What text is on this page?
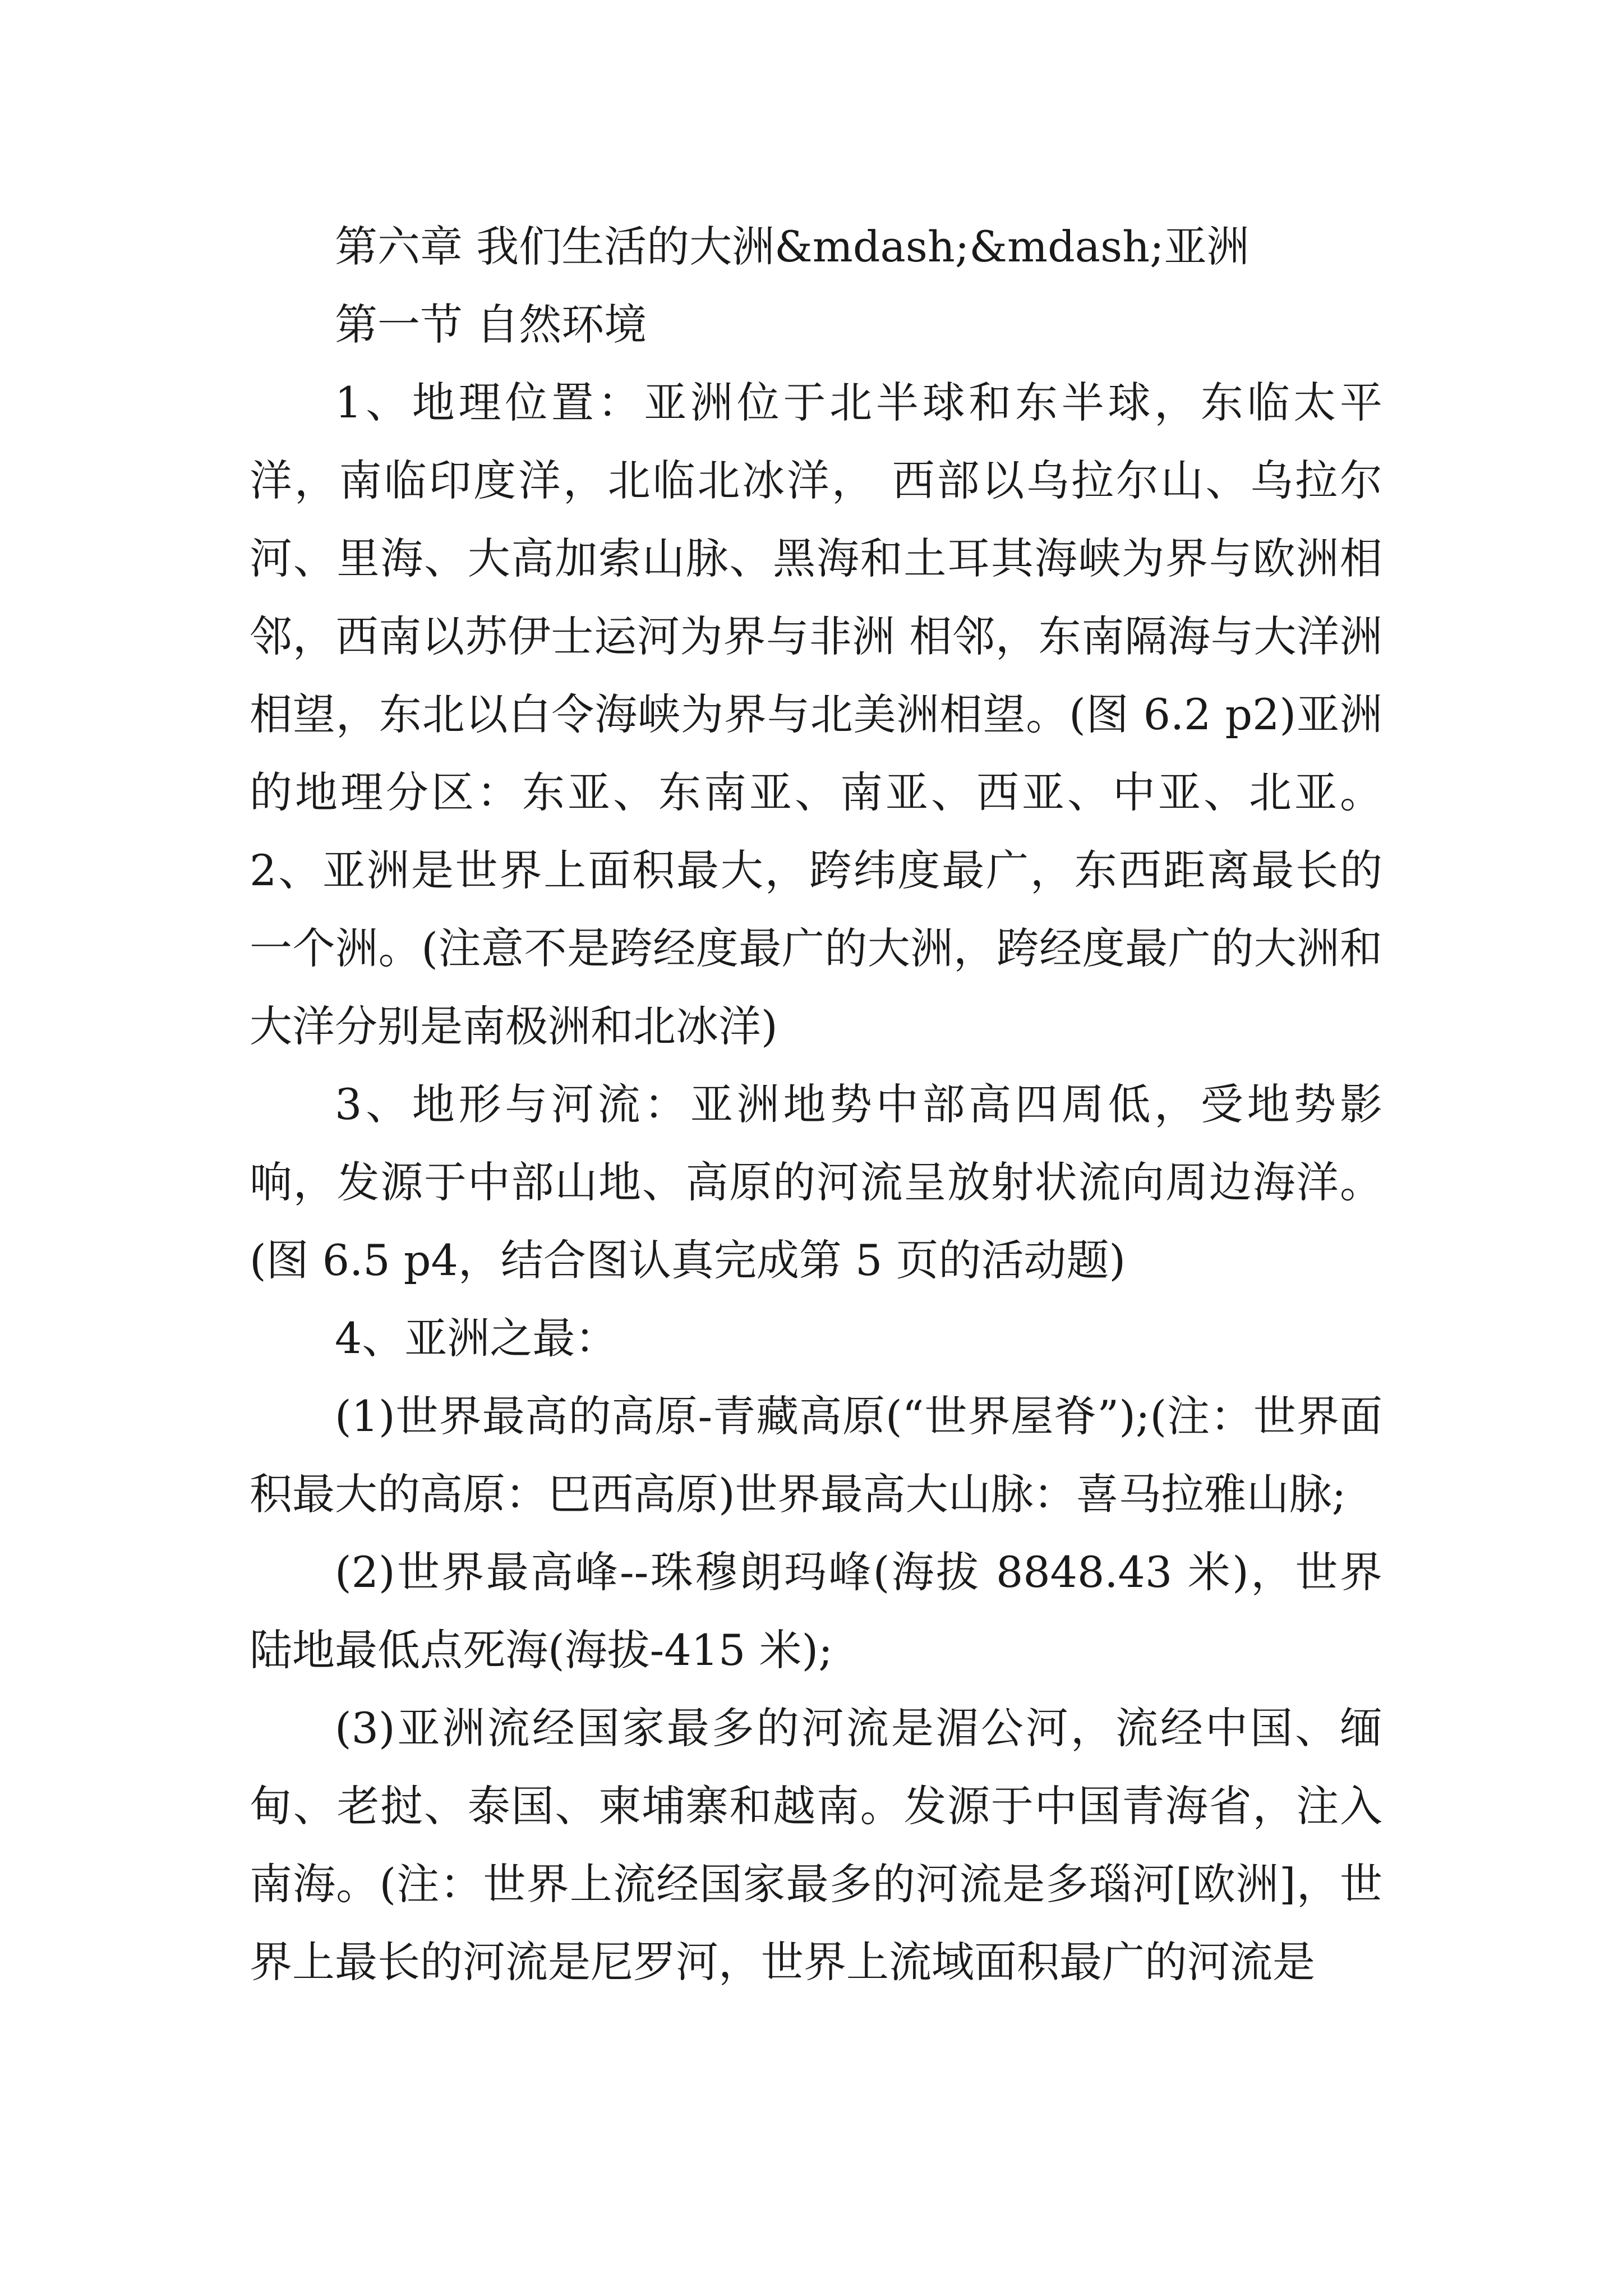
第六章 我们生活的大洲&mdash;&mdash;亚洲

第一节 自然环境

1、地理位置：亚洲位于北半球和东半球，东临太平洋，南临印度洋，北临北冰洋， 西部以乌拉尔山、乌拉尔河、里海、大高加索山脉、黑海和土耳其海峡为界与欧洲相邻，西南以苏伊士运河为界与非洲 相邻，东南隔海与大洋洲相望，东北以白令海峡为界与北美洲相望。(图 6.2 p2)亚洲的地理分区：东亚、东南亚、南亚、西亚、中亚、北亚。2、亚洲是世界上面积最大，跨纬度最广，东西距离最长的一个洲。(注意不是跨经度最广的大洲，跨经度最广的大洲和大洋分别是南极洲和北冰洋)

3、地形与河流：亚洲地势中部高四周低，受地势影响，发源于中部山地、高原的河流呈放射状流向周边海洋。(图 6.5 p4，结合图认真完成第 5 页的活动题)

4、亚洲之最：

(1)世界最高的高原-青藏高原(“世界屋脊”);(注：世界面积最大的高原：巴西高原)世界最高大山脉：喜马拉雅山脉;

(2)世界最高峰--珠穆朗玛峰(海拔 8848.43 米)，世界陆地最低点死海(海拔-415 米);

(3)亚洲流经国家最多的河流是湄公河，流经中国、缅甸、老挝、泰国、柬埔寨和越南。发源于中国青海省，注入南海。(注：世界上流经国家最多的河流是多瑙河[欧洲]，世界上最长的河流是尼罗河，世界上流域面积最广的河流是
